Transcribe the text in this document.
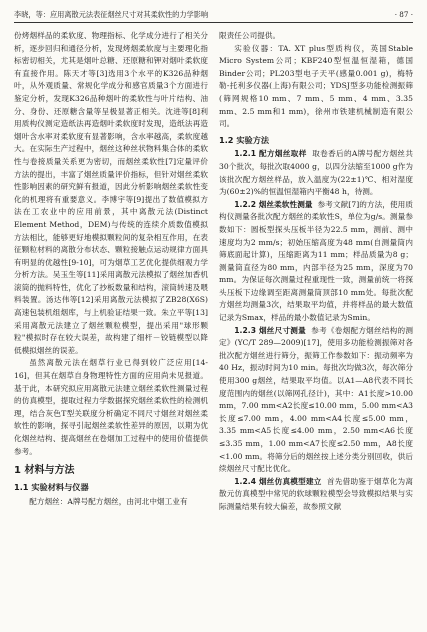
李晓，等：应用离散元法表征烟丝尺寸对其柔软性的力学影响	· 87 ·

份烤烟样品的柔软度、物理指标、化学成分进行了相关分析，逐步回归和通径分析，发现烤烟柔软度与主要理化指标密切相关，尤其是烟叶总糖、还原糖和钾对烟叶柔软度有直接作用。陈天才等[3]选用3个水平的K326品种烟叶，从外观质量、常规化学成分和感官质量3个方面进行鉴定分析，发现K326品种烟叶的柔软性与叶片结构、油分、身份、还原糖含量等呈极显著正相关。沈进等[8]利用质构仪测定造纸法再造烟叶柔软度时发现，造纸法再造烟叶含水率对柔软度有显著影响，含水率越高，柔软度越大。在实际生产过程中，烟丝这种丝状物料集合体的柔软性与卷接质量关系更为密切，而烟丝柔软性[7]定量评价方法的提出，丰富了烟丝质量评价指标，但针对烟丝柔软性影响因素的研究鲜有报道，因此分析影响烟丝柔软性变化的机理将有重要意义。李博宇等[9]提出了数值模拟方法在工农业中的应用前景，其中离散元法(Distinct Element Method，DEM)与传统的连续介质数值模拟方法相比，能够更好地模拟颗粒间的复杂相互作用，在表征颗粒材料的离散分布状态、颗粒接触点运动规律方面具有明显的优越性[9-10]，可为烟草工艺优化提供细观力学分析方法。吴玉生等[11]采用离散元法模拟了烟丝加香机滚筒的抛料特性，优化了抄板数量和结构，滚筒转速及喂料装置。汤达伟等[12]采用离散元法模拟了ZB28(X6S)高速包装机组烟库，与上机验证结果一致。朱立平等[13]采用离散元法建立了烟丝颗粒模型，提出采用"球形颗粒"模拟时存在较大误差，故构建了细杆－铰链模型以降低模拟烟丝的误差。

虽然离散元法在烟草行业已得到较广泛应用[14-16]，但其在烟草自身物理特性方面的应用尚未见报道。基于此，本研究拟应用离散元法建立烟丝柔软性测量过程的仿真模型，提取过程力学数据探究烟丝柔软性的检测机理，结合灰色T型关联度分析确定不同尺寸烟丝对烟丝柔软性的影响，探寻引起烟丝柔软性差异的原因，以期为优化烟丝结构、提高烟丝在卷烟加工过程中的使用价值提供参考。

1 材料与方法
1.1 实验材料与仪器

配方烟丝：A牌号配方烟丝，由河北中烟工业有

限责任公司提供。

实验仪器：TA. XT plus型质构仪，英国Stable Micro System公司；KBF240型恒温恒湿箱，德国Binder公司；PL203型电子天平(感量0.001 g)，梅特勒-托利多仪器(上海)有限公司；YDSJ型多功能检测振筛(筛网规格10 mm、7 mm、5 mm、4 mm、3.35 mm、2.5 mm和1 mm)，徐州市铁建机械制造有限公司。

1.2 实验方法

1.2.1 配方烟丝取样 取卷香后的A牌号配方烟丝共30个批次，每批次取4000 g，以四分法缩至1000 g作为该批次配方烟丝样品，放入温度为(22±1)℃、相对湿度为(60±2)%的恒温恒湿箱内平衡48 h，待测。

1.2.2 烟丝柔软性测量 参考文献[7]的方法，使用质构仪测量各批次配方烟丝的柔软性S，单位为g/s。测量参数如下：圆板型探头压板半径为22.5 mm，测前、测中速度均为2 mm/s；初始压缩高度为48 mm(自测量筒内筛底面起计算)，压缩距离为11 mm；样品质量为8 g；测量筒直径为80 mm，内部半径为25 mm，深度为70 mm。为保证每次测量过程重现性一致，测量前统一将探头压板下边缘调至距离测量筒顶部10 mm处。每批次配方烟丝均测量3次，结果取平均值，并将样品的最大数值记录为Smax，样品的最小数值记录为Smin。

1.2.3 烟丝尺寸测量 参考《卷烟配方烟丝结构的测定》(YC/T 289—2009)[17]，使用多功能检测振筛对各批次配方烟丝进行筛分，振筛工作参数如下：振动频率为40 Hz，振动时间为10 min。每批次均做3次，每次筛分使用300 g烟丝，结果取平均值。以A1—A8代表不同长度范围内的烟丝(以筛网孔径计)，其中：A1长度>10.00 mm，7.00 mm<A2长度≤10.00 mm，5.00 mm<A3长度≤7.00 mm，4.00 mm<A4长度≤5.00 mm，3.35 mm<A5长度≤4.00 mm，2.50 mm<A6长度≤3.35 mm，1.00 mm<A7长度≤2.50 mm，A8长度<1.00 mm。将筛分后的烟丝按上述分类分别回收，供后续烟丝尺寸配比优化。

1.2.4 烟丝仿真模型建立 首先借助鉴于烟草化为离散元仿真模型中常见的软球颗粒模型会导致模拟结果与实际测量结果有较大偏差，故参照文献
